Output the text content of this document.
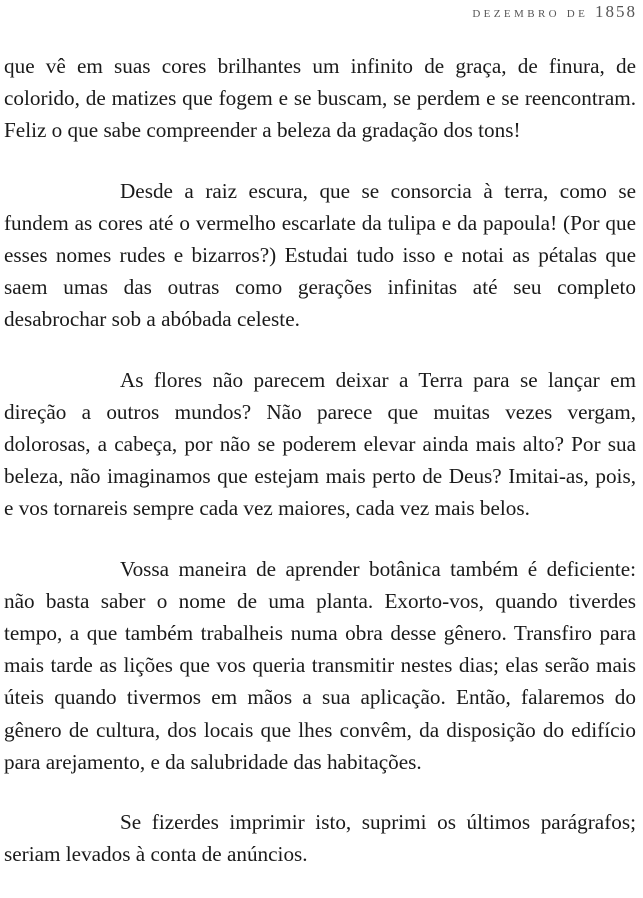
dezembro de 1858

que vê em suas cores brilhantes um infinito de graça, de finura, de colorido, de matizes que fogem e se buscam, se perdem e se reencontram. Feliz o que sabe compreender a beleza da gradação dos tons!

Desde a raiz escura, que se consorcia à terra, como se fundem as cores até o vermelho escarlate da tulipa e da papoula! (Por que esses nomes rudes e bizarros?) Estudai tudo isso e notai as pétalas que saem umas das outras como gerações infinitas até seu completo desabrochar sob a abóbada celeste.

As flores não parecem deixar a Terra para se lançar em direção a outros mundos? Não parece que muitas vezes vergam, dolorosas, a cabeça, por não se poderem elevar ainda mais alto? Por sua beleza, não imaginamos que estejam mais perto de Deus? Imitai-as, pois, e vos tornareis sempre cada vez maiores, cada vez mais belos.

Vossa maneira de aprender botânica também é deficiente: não basta saber o nome de uma planta. Exorto-vos, quando tiverdes tempo, a que também trabalheis numa obra desse gênero. Transfiro para mais tarde as lições que vos queria transmitir nestes dias; elas serão mais úteis quando tivermos em mãos a sua aplicação. Então, falaremos do gênero de cultura, dos locais que lhes convêm, da disposição do edifício para arejamento, e da salubridade das habitações.

Se fizerdes imprimir isto, suprimi os últimos parágrafos; seriam levados à conta de anúncios.
